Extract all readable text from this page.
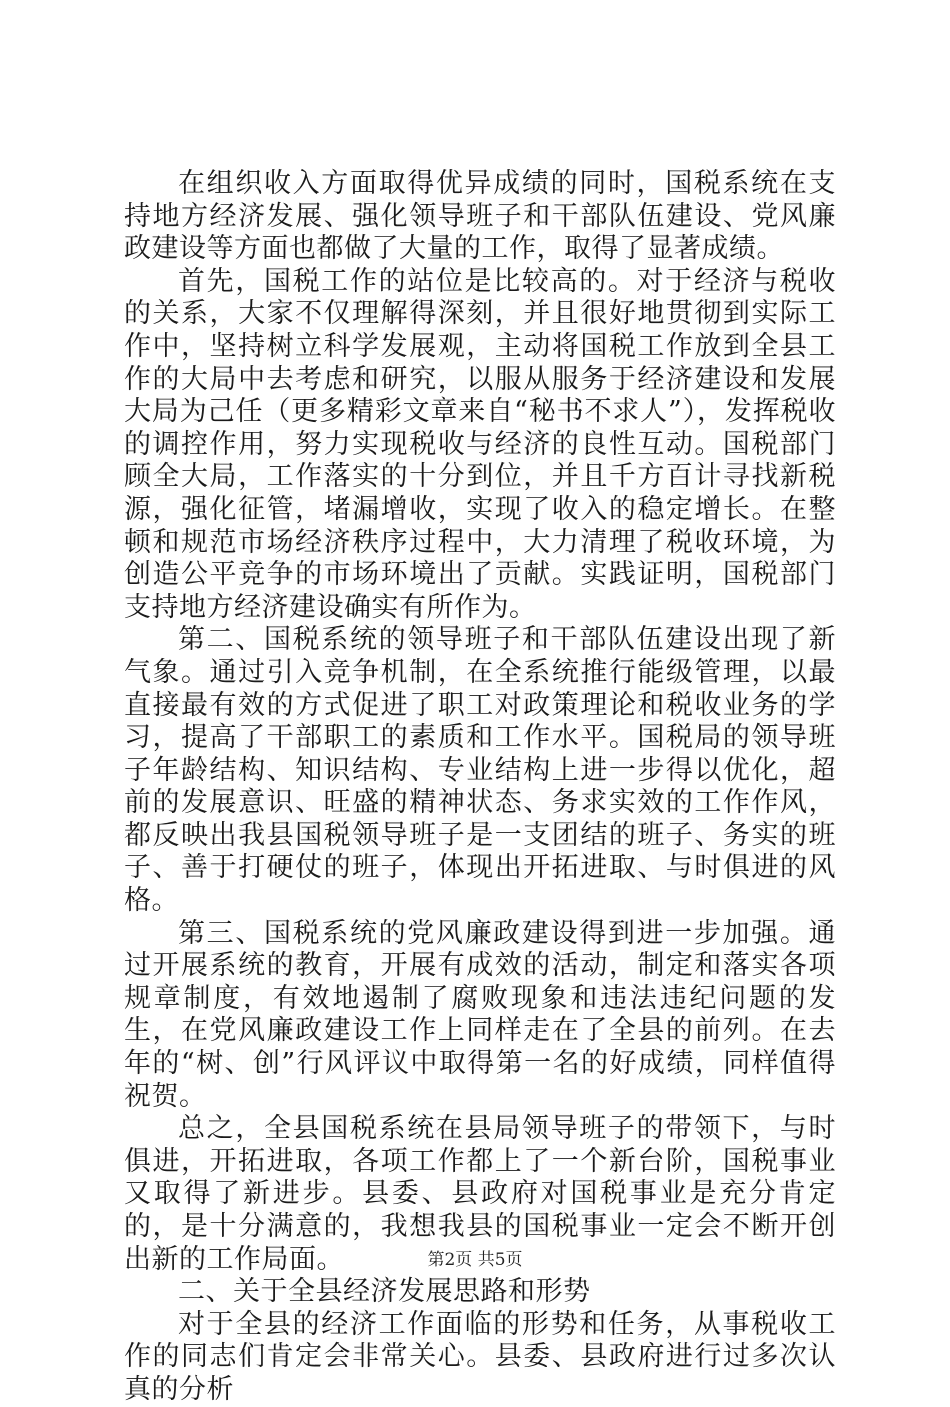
在组织收入方面取得优异成绩的同时，国税系统在支持地方经济发展、强化领导班子和干部队伍建设、党风廉政建设等方面也都做了大量的工作，取得了显著成绩。

首先，国税工作的站位是比较高的。对于经济与税收的关系，大家不仅理解得深刻，并且很好地贯彻到实际工作中，坚持树立科学发展观，主动将国税工作放到全县工作的大局中去考虑和研究，以服从服务于经济建设和发展大局为己任（更多精彩文章来自“秘书不求人”），发挥税收的调控作用，努力实现税收与经济的良性互动。国税部门顾全大局，工作落实的十分到位，并且千方百计寻找新税源，强化征管，堵漏增收，实现了收入的稳定增长。在整顿和规范市场经济秩序过程中，大力清理了税收环境，为创造公平竞争的市场环境出了贡献。实践证明，国税部门支持地方经济建设确实有所作为。

第二、国税系统的领导班子和干部队伍建设出现了新气象。通过引入竞争机制，在全系统推行能级管理，以最直接最有效的方式促进了职工对政策理论和税收业务的学习，提高了干部职工的素质和工作水平。国税局的领导班子年龄结构、知识结构、专业结构上进一步得以优化，超前的发展意识、旺盛的精神状态、务求实效的工作作风，都反映出我县国税领导班子是一支团结的班子、务实的班子、善于打硬仗的班子，体现出开拓进取、与时俱进的风格。

第三、国税系统的党风廉政建设得到进一步加强。通过开展系统的教育，开展有成效的活动，制定和落实各项规章制度，有效地遏制了腐败现象和违法违纪问题的发生，在党风廉政建设工作上同样走在了全县的前列。在去年的“树、创”行风评议中取得第一名的好成绩，同样值得祝贺。

总之，全县国税系统在县局领导班子的带领下，与时俱进，开拓进取，各项工作都上了一个新台阶，国税事业又取得了新进步。县委、县政府对国税事业是充分肯定的，是十分满意的，我想我县的国税事业一定会不断开创出新的工作局面。

二、关于全县经济发展思路和形势

对于全县的经济工作面临的形势和任务，从事税收工作的同志们肯定会非常关心。县委、县政府进行过多次认真的分析

第2页 共5页
